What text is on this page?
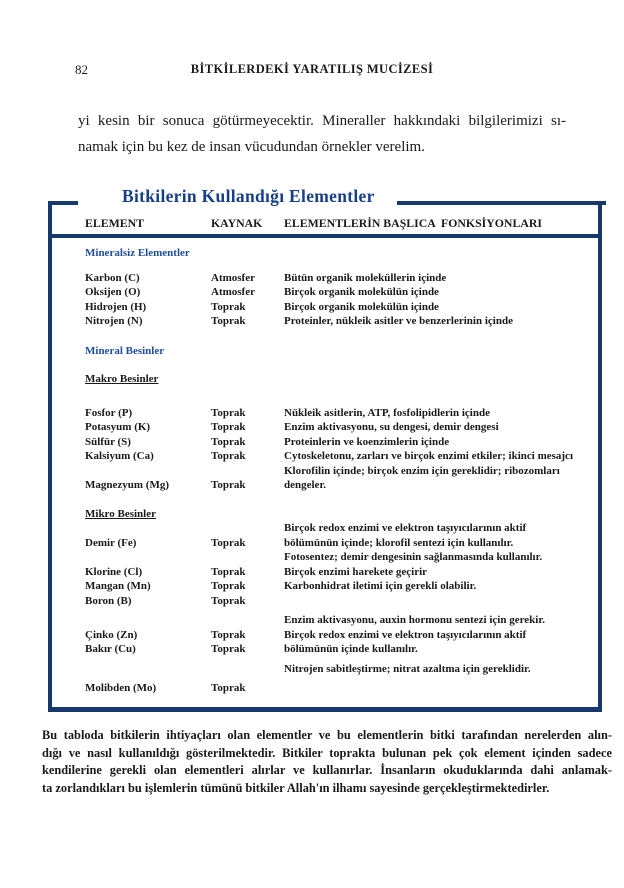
82	BİTKİLERDEKİ YARATILIŞ MUCİZESİ
yi kesin bir sonuca götürmeyecektir. Mineraller hakkındaki bilgilerimizi sı-
namak için bu kez de insan vücudundan örnekler verelim.
Bitkilerin Kullandığı Elementler
ELEMENT	KAYNAK	ELEMENTLERİN BAŞLICA  FONKSİYONLARI
Mineralsiz Elementler
Karbon (C)	Atmosfer	Bütün organik moleküllerin içinde
Oksijen (O)	Atmosfer	Birçok organik molekülün içinde
Hidrojen (H)	Toprak	Birçok organik molekülün içinde
Nitrojen (N)	Toprak	Proteinler, nükleik asitler ve benzerlerinin içinde
Mineral Besinler
Makro Besinler
Fosfor (P)	Toprak	Nükleik asitlerin, ATP, fosfolipidlerin içinde
Potasyum (K)	Toprak	Enzim aktivasyonu, su dengesi, demir dengesi
Sülfür (S)	Toprak	Proteinlerin ve koenzimlerin içinde
Kalsiyum (Ca)	Toprak	Cytoskeletonu, zarları ve birçok enzimi etkiler; ikinci mesajcı
Klorofilin içinde; birçok enzim için gereklidir; ribozomları
Magnezyum (Mg)	Toprak	dengeler.
Mikro Besinler
Birçok redox enzimi ve elektron taşıyıcılarının aktif
Demir (Fe)	Toprak	bölümünün içinde; klorofil sentezi için kullanılır.
Fotosentez; demir dengesinin sağlanmasında kullanılır.
Klorine (Cl)	Toprak	Birçok enzimi harekete geçirir
Mangan (Mn)	Toprak	Karbonhidrat iletimi için gerekli olabilir.
Boron (B)	Toprak
Enzim aktivasyonu, auxin hormonu sentezi için gerekir.
Çinko (Zn)	Toprak	Birçok redox enzimi ve elektron taşıyıcılarının aktif
Bakır (Cu)	Toprak	bölümünün içinde kullanılır.
Nitrojen sabitleştirme; nitrat azaltma için gereklidir.
Molibden (Mo)	Toprak
Bu tabloda bitkilerin ihtiyaçları olan elementler ve bu elementlerin bitki tarafından nerelerden alın-
dığı ve nasıl kullanıldığı gösterilmektedir. Bitkiler toprakta bulunan pek çok element içinden sadece
kendilerine gerekli olan elementleri alırlar ve kullanırlar. İnsanların okuduklarında dahi anlamak-
ta zorlandıkları bu işlemlerin tümünü bitkiler Allah'ın ilhamı sayesinde gerçekleştirmektedirler.
